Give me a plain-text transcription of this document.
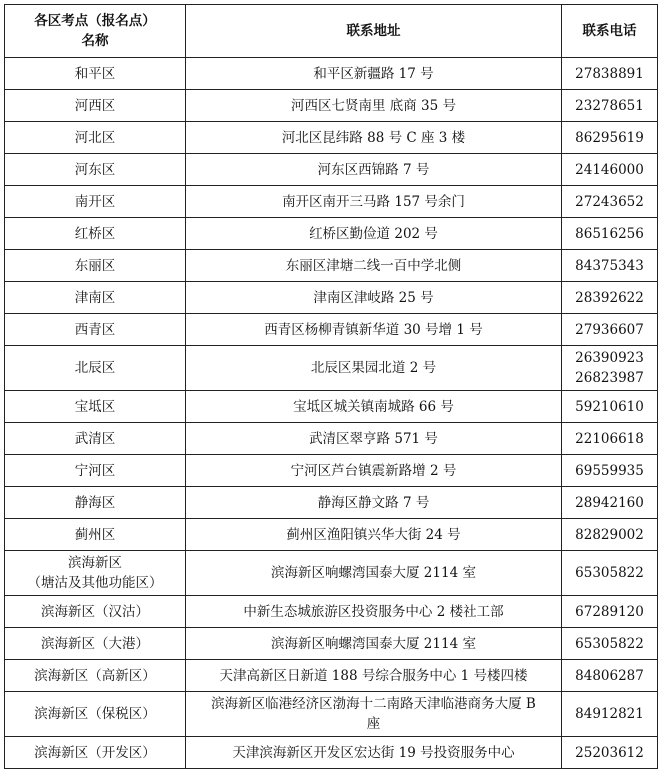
各区考点（报名点）
名称	联系地址	联系电话

和平区	和平区新疆路 17 号	27838891

河西区	河西区七贤南里 底商 35 号	23278651

河北区	河北区昆纬路 88 号 C 座 3 楼	86295619

河东区	河东区西锦路 7 号	24146000

南开区	南开区南开三马路 157 号余门	27243652

红桥区	红桥区勤俭道 202 号	86516256

东丽区	东丽区津塘二线一百中学北侧	84375343

津南区	津南区津岐路 25 号	28392622

西青区	西青区杨柳青镇新华道 30 号增 1 号	27936607

北辰区	北辰区果园北道 2 号	26390923
26823987

宝坻区	宝坻区城关镇南城路 66 号	59210610

武清区	武清区翠亨路 571 号	22106618

宁河区	宁河区芦台镇震新路增 2 号	69559935

静海区	静海区静文路 7 号	28942160

蓟州区	蓟州区渔阳镇兴华大街 24 号	82829002

滨海新区
（塘沽及其他功能区）	滨海新区响螺湾国泰大厦 2114 室	65305822

滨海新区（汉沽）	中新生态城旅游区投资服务中心 2 楼社工部	67289120

滨海新区（大港）	滨海新区响螺湾国泰大厦 2114 室	65305822

滨海新区（高新区）	天津高新区日新道 188 号综合服务中心 1 号楼四楼	84806287

滨海新区（保税区）	滨海新区临港经济区渤海十二南路天津临港商务大厦 B
座	84912821

滨海新区（开发区）	天津滨海新区开发区宏达街 19 号投资服务中心	25203612
